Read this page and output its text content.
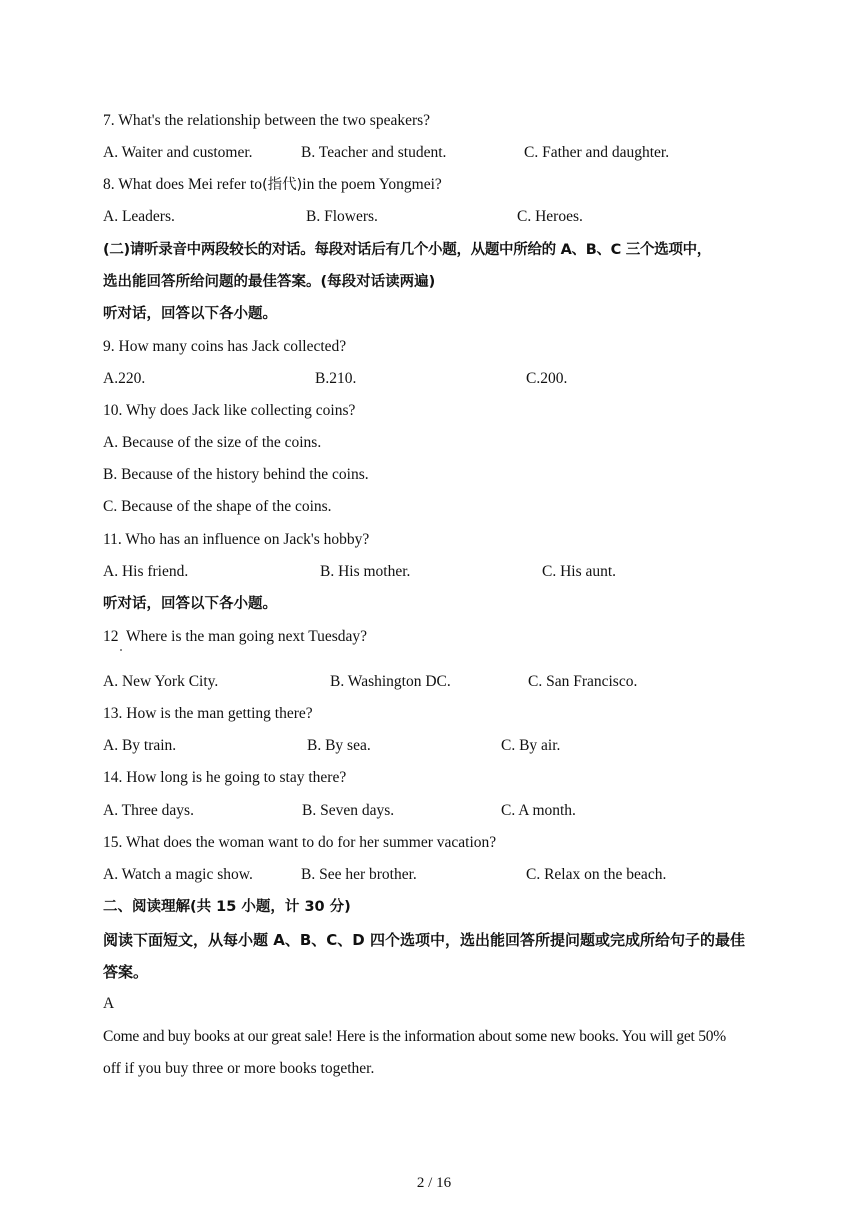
7. What's the relationship between the two speakers?
A. Waiter and customer.	B. Teacher and student.	C. Father and daughter.
8. What does Mei refer to(指代)in the poem Yongmei?
A. Leaders.	B. Flowers.	C. Heroes.
(二)请听录音中两段较长的对话。每段对话后有几个小题，从题中所给的 A、B、C 三个选项中，
选出能回答所给问题的最佳答案。(每段对话读两遍)
听对话，回答以下各小题。
9. How many coins has Jack collected?
A.220.	B.210.	C.200.
10. Why does Jack like collecting coins?
A. Because of the size of the coins.
B. Because of the history behind the coins.
C. Because of the shape of the coins.
11. Who has an influence on Jack's hobby?
A. His friend.	B. His mother.	C. His aunt.
听对话，回答以下各小题。
12  Where is the man going next Tuesday?
A. New York City.	B. Washington DC.	C. San Francisco.
13. How is the man getting there?
A. By train.	B. By sea.	C. By air.
14. How long is he going to stay there?
A. Three days.	B. Seven days.	C. A month.
15. What does the woman want to do for her summer vacation?
A. Watch a magic show.	B. See her brother.	C. Relax on the beach.
二、阅读理解(共 15 小题，计 30 分)
阅读下面短文，从每小题 A、B、C、D 四个选项中，选出能回答所提问题或完成所给句子的最佳
答案。
A
Come and buy books at our great sale! Here is the information about some new books. You will get 50%
off if you buy three or more books together.
2 / 16
